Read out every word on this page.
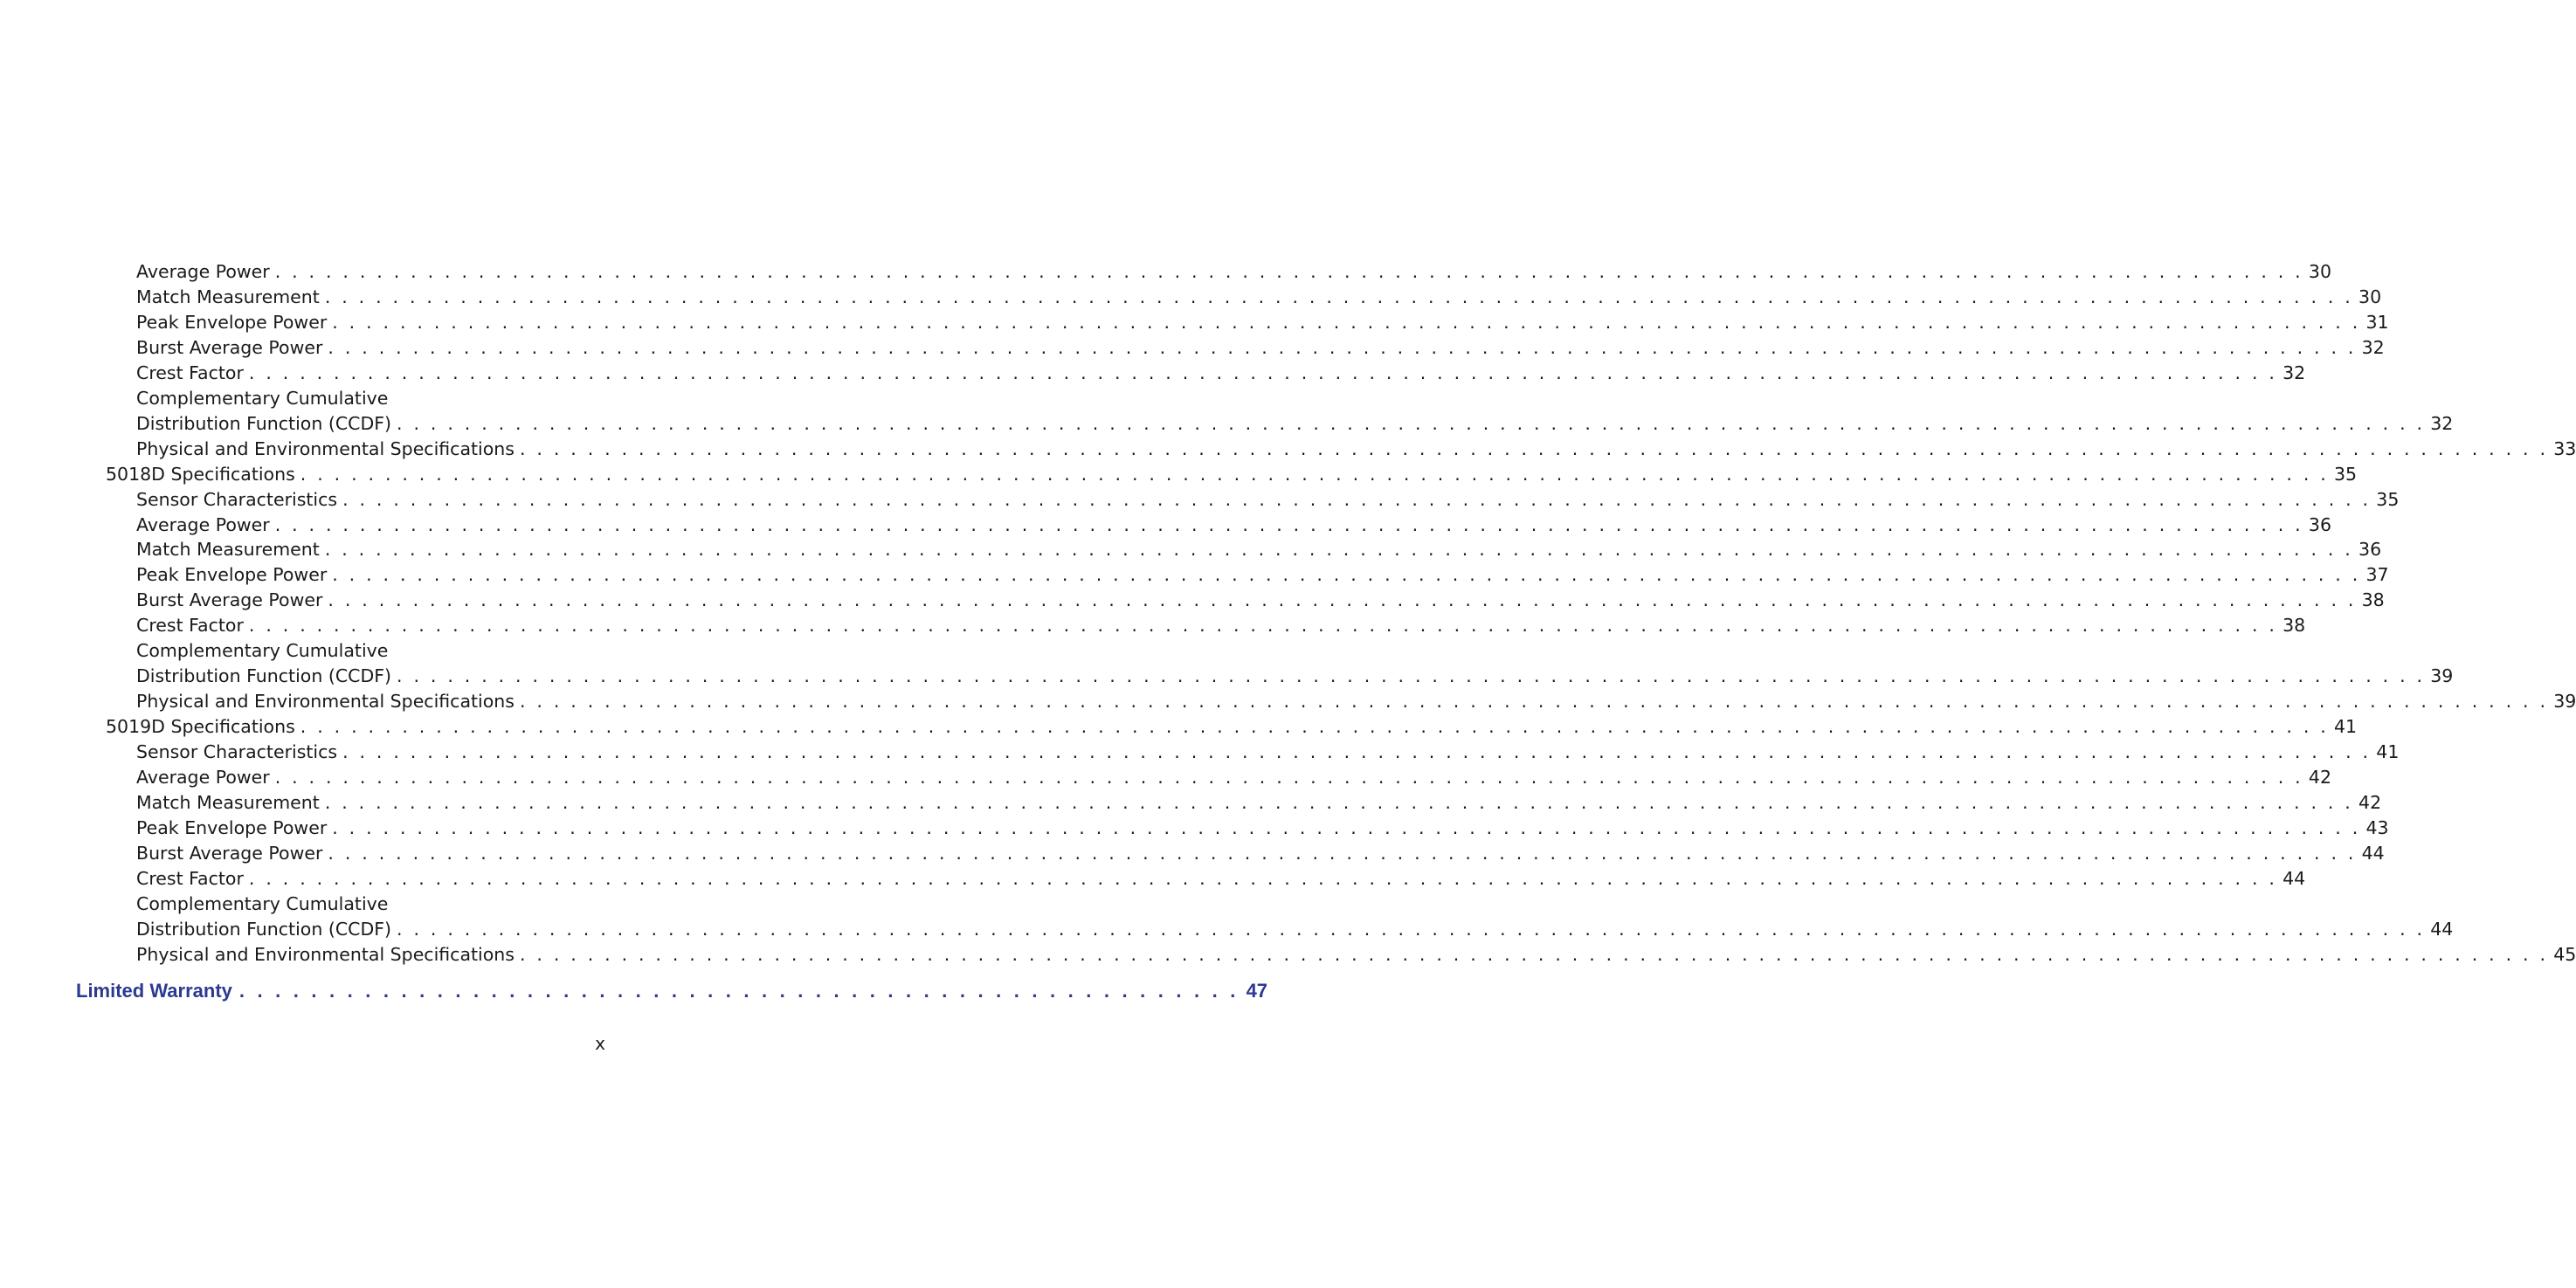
Average Power . . . . . . . . . . . . . . . . . . . . . . . . . . . . . . . . . . . . . . . . . . . . . . . . . . . . . . . . . . . . . . . . . . . . . . . . . . . . . . . . . . . . . . . . . . . . . . . . . . . . . . . . . . . . . . . . . . . . . . . . 30
Match Measurement . . . . . . . . . . . . . . . . . . . . . . . . . . . . . . . . . . . . . . . . . . . . . . . . . . . . . . . . . . . . . . . . . . . . . . . . . . . . . . . . . . . . . . . . . . . . . . . . . . . . . . . . . . . . . . . . . . . . . . . . 30
Peak Envelope Power . . . . . . . . . . . . . . . . . . . . . . . . . . . . . . . . . . . . . . . . . . . . . . . . . . . . . . . . . . . . . . . . . . . . . . . . . . . . . . . . . . . . . . . . . . . . . . . . . . . . . . . . . . . . . . . . . . . . . . . . 31
Burst Average Power . . . . . . . . . . . . . . . . . . . . . . . . . . . . . . . . . . . . . . . . . . . . . . . . . . . . . . . . . . . . . . . . . . . . . . . . . . . . . . . . . . . . . . . . . . . . . . . . . . . . . . . . . . . . . . . . . . . . . . . . 32
Crest Factor . . . . . . . . . . . . . . . . . . . . . . . . . . . . . . . . . . . . . . . . . . . . . . . . . . . . . . . . . . . . . . . . . . . . . . . . . . . . . . . . . . . . . . . . . . . . . . . . . . . . . . . . . . . . . . . . . . . . . . . . 32
Complementary Cumulative
Distribution Function (CCDF) . . . . . . . . . . . . . . . . . . . . . . . . . . . . . . . . . . . . . . . . . . . . . . . . . . . . . . . . . . . . . . . . . . . . . . . . . . . . . . . . . . . . . . . . . . . . . . . . . . . . . . . . . . . . . . . . . . . . . . . . 32
Physical and Environmental Specifications . . . . . . . . . . . . . . . . . . . . . . . . . . . . . . . . . . . . . . . . . . . . . . . . . . . . . . . . . . . . . . . . . . . . . . . . . . . . . . . . . . . . . . . . . . . . . . . . . . . . . . . . . . . . . . . . . . . . . . . . 33
5018D Specifications . . . . . . . . . . . . . . . . . . . . . . . . . . . . . . . . . . . . . . . . . . . . . . . . . . . . . . . . . . . . . . . . . . . . . . . . . . . . . . . . . . . . . . . . . . . . . . . . . . . . . . . . . . . . . . . . . . . . . . . . 35
Sensor Characteristics . . . . . . . . . . . . . . . . . . . . . . . . . . . . . . . . . . . . . . . . . . . . . . . . . . . . . . . . . . . . . . . . . . . . . . . . . . . . . . . . . . . . . . . . . . . . . . . . . . . . . . . . . . . . . . . . . . . . . . . . 35
Average Power . . . . . . . . . . . . . . . . . . . . . . . . . . . . . . . . . . . . . . . . . . . . . . . . . . . . . . . . . . . . . . . . . . . . . . . . . . . . . . . . . . . . . . . . . . . . . . . . . . . . . . . . . . . . . . . . . . . . . . . . 36
Match Measurement . . . . . . . . . . . . . . . . . . . . . . . . . . . . . . . . . . . . . . . . . . . . . . . . . . . . . . . . . . . . . . . . . . . . . . . . . . . . . . . . . . . . . . . . . . . . . . . . . . . . . . . . . . . . . . . . . . . . . . . . 36
Peak Envelope Power . . . . . . . . . . . . . . . . . . . . . . . . . . . . . . . . . . . . . . . . . . . . . . . . . . . . . . . . . . . . . . . . . . . . . . . . . . . . . . . . . . . . . . . . . . . . . . . . . . . . . . . . . . . . . . . . . . . . . . . . 37
Burst Average Power . . . . . . . . . . . . . . . . . . . . . . . . . . . . . . . . . . . . . . . . . . . . . . . . . . . . . . . . . . . . . . . . . . . . . . . . . . . . . . . . . . . . . . . . . . . . . . . . . . . . . . . . . . . . . . . . . . . . . . . . 38
Crest Factor . . . . . . . . . . . . . . . . . . . . . . . . . . . . . . . . . . . . . . . . . . . . . . . . . . . . . . . . . . . . . . . . . . . . . . . . . . . . . . . . . . . . . . . . . . . . . . . . . . . . . . . . . . . . . . . . . . . . . . . . 38
Complementary Cumulative
Distribution Function (CCDF) . . . . . . . . . . . . . . . . . . . . . . . . . . . . . . . . . . . . . . . . . . . . . . . . . . . . . . . . . . . . . . . . . . . . . . . . . . . . . . . . . . . . . . . . . . . . . . . . . . . . . . . . . . . . . . . . . . . . . . . . 39
Physical and Environmental Specifications . . . . . . . . . . . . . . . . . . . . . . . . . . . . . . . . . . . . . . . . . . . . . . . . . . . . . . . . . . . . . . . . . . . . . . . . . . . . . . . . . . . . . . . . . . . . . . . . . . . . . . . . . . . . . . . . . . . . . . . . 39
5019D Specifications . . . . . . . . . . . . . . . . . . . . . . . . . . . . . . . . . . . . . . . . . . . . . . . . . . . . . . . . . . . . . . . . . . . . . . . . . . . . . . . . . . . . . . . . . . . . . . . . . . . . . . . . . . . . . . . . . . . . . . . . 41
Sensor Characteristics . . . . . . . . . . . . . . . . . . . . . . . . . . . . . . . . . . . . . . . . . . . . . . . . . . . . . . . . . . . . . . . . . . . . . . . . . . . . . . . . . . . . . . . . . . . . . . . . . . . . . . . . . . . . . . . . . . . . . . . . 41
Average Power . . . . . . . . . . . . . . . . . . . . . . . . . . . . . . . . . . . . . . . . . . . . . . . . . . . . . . . . . . . . . . . . . . . . . . . . . . . . . . . . . . . . . . . . . . . . . . . . . . . . . . . . . . . . . . . . . . . . . . . . 42
Match Measurement . . . . . . . . . . . . . . . . . . . . . . . . . . . . . . . . . . . . . . . . . . . . . . . . . . . . . . . . . . . . . . . . . . . . . . . . . . . . . . . . . . . . . . . . . . . . . . . . . . . . . . . . . . . . . . . . . . . . . . . . 42
Peak Envelope Power . . . . . . . . . . . . . . . . . . . . . . . . . . . . . . . . . . . . . . . . . . . . . . . . . . . . . . . . . . . . . . . . . . . . . . . . . . . . . . . . . . . . . . . . . . . . . . . . . . . . . . . . . . . . . . . . . . . . . . . . 43
Burst Average Power . . . . . . . . . . . . . . . . . . . . . . . . . . . . . . . . . . . . . . . . . . . . . . . . . . . . . . . . . . . . . . . . . . . . . . . . . . . . . . . . . . . . . . . . . . . . . . . . . . . . . . . . . . . . . . . . . . . . . . . . 44
Crest Factor . . . . . . . . . . . . . . . . . . . . . . . . . . . . . . . . . . . . . . . . . . . . . . . . . . . . . . . . . . . . . . . . . . . . . . . . . . . . . . . . . . . . . . . . . . . . . . . . . . . . . . . . . . . . . . . . . . . . . . . . 44
Complementary Cumulative
Distribution Function (CCDF) . . . . . . . . . . . . . . . . . . . . . . . . . . . . . . . . . . . . . . . . . . . . . . . . . . . . . . . . . . . . . . . . . . . . . . . . . . . . . . . . . . . . . . . . . . . . . . . . . . . . . . . . . . . . . . . . . . . . . . . . 44
Physical and Environmental Specifications . . . . . . . . . . . . . . . . . . . . . . . . . . . . . . . . . . . . . . . . . . . . . . . . . . . . . . . . . . . . . . . . . . . . . . . . . . . . . . . . . . . . . . . . . . . . . . . . . . . . . . . . . . . . . . . . . . . . . . . . 45
Limited Warranty . . . . . . . . . . . . . . . . . . . . . . . . . . . . . . . . . . . . . . . . . . . . . . . . . . . . . . . . 47
x
